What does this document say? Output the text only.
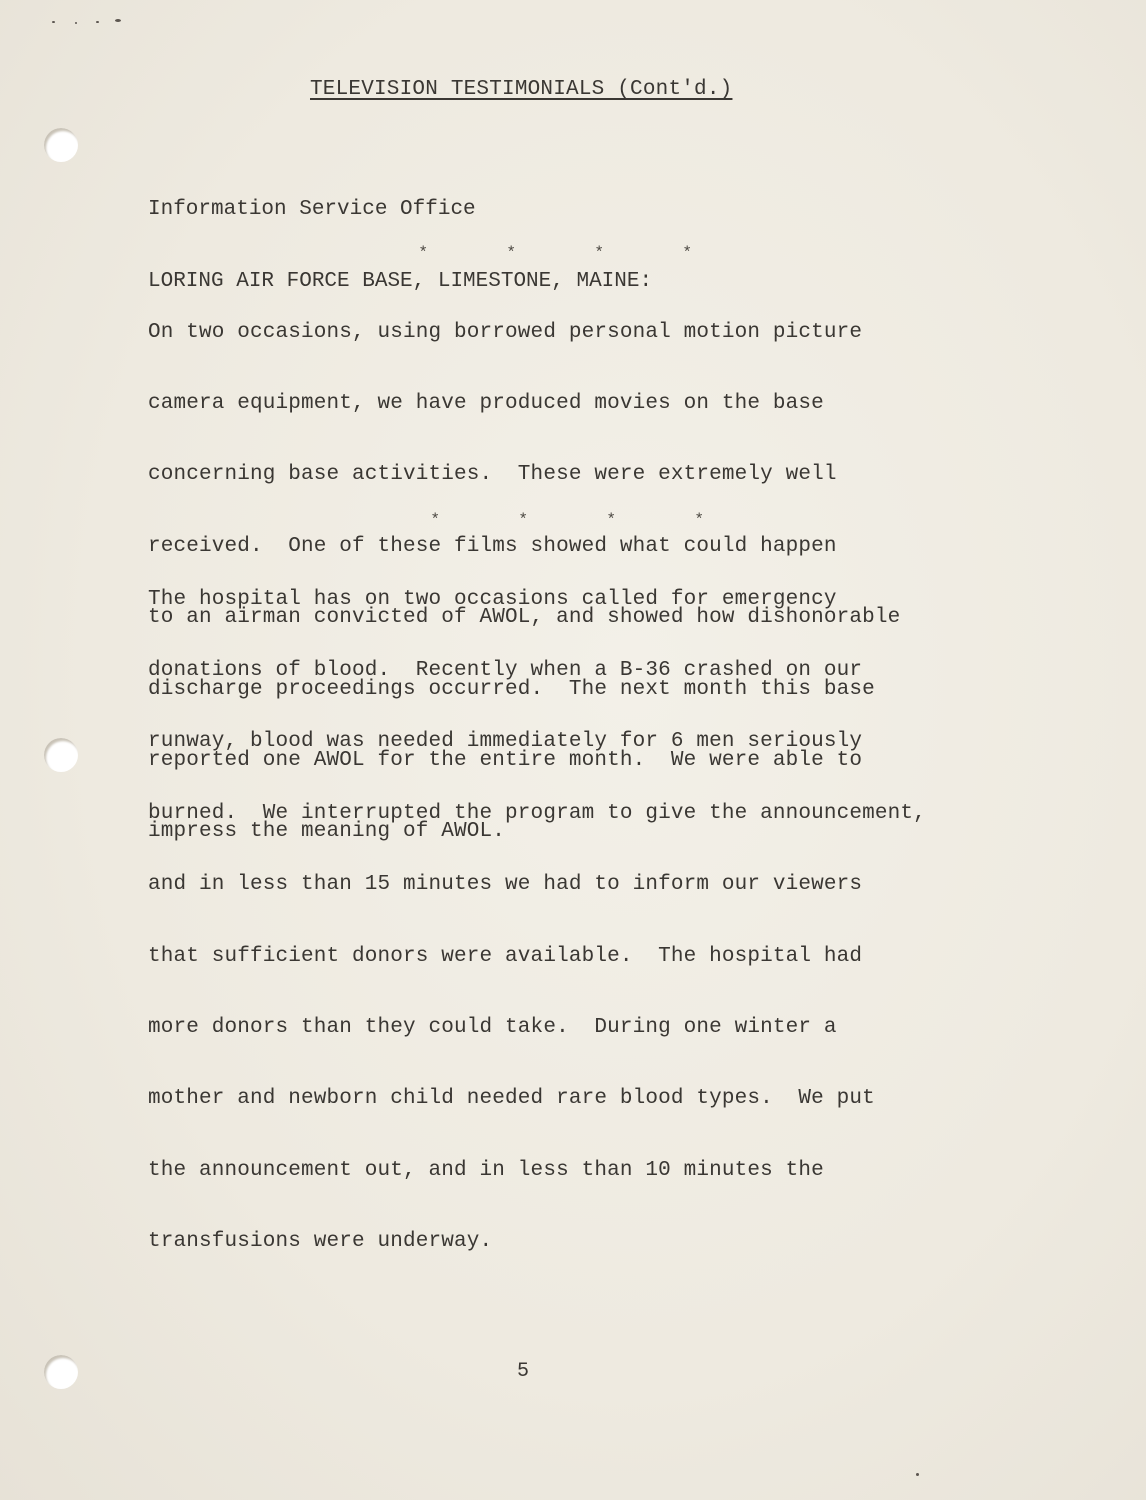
TELEVISION TESTIMONIALS (Cont'd.)

Information Service Office

LORING AIR FORCE BASE, LIMESTONE, MAINE:

*	*	*	*

On two occasions, using borrowed personal motion picture

camera equipment, we have produced movies on the base

concerning base activities.  These were extremely well

received.  One of these films showed what could happen

to an airman convicted of AWOL, and showed how dishonorable

discharge proceedings occurred.  The next month this base

reported one AWOL for the entire month.  We were able to

impress the meaning of AWOL.

*	*	*	*

The hospital has on two occasions called for emergency

donations of blood.  Recently when a B-36 crashed on our

runway, blood was needed immediately for 6 men seriously

burned.  We interrupted the program to give the announcement,

and in less than 15 minutes we had to inform our viewers

that sufficient donors were available.  The hospital had

more donors than they could take.  During one winter a

mother and newborn child needed rare blood types.  We put

the announcement out, and in less than 10 minutes the

transfusions were underway.

5
